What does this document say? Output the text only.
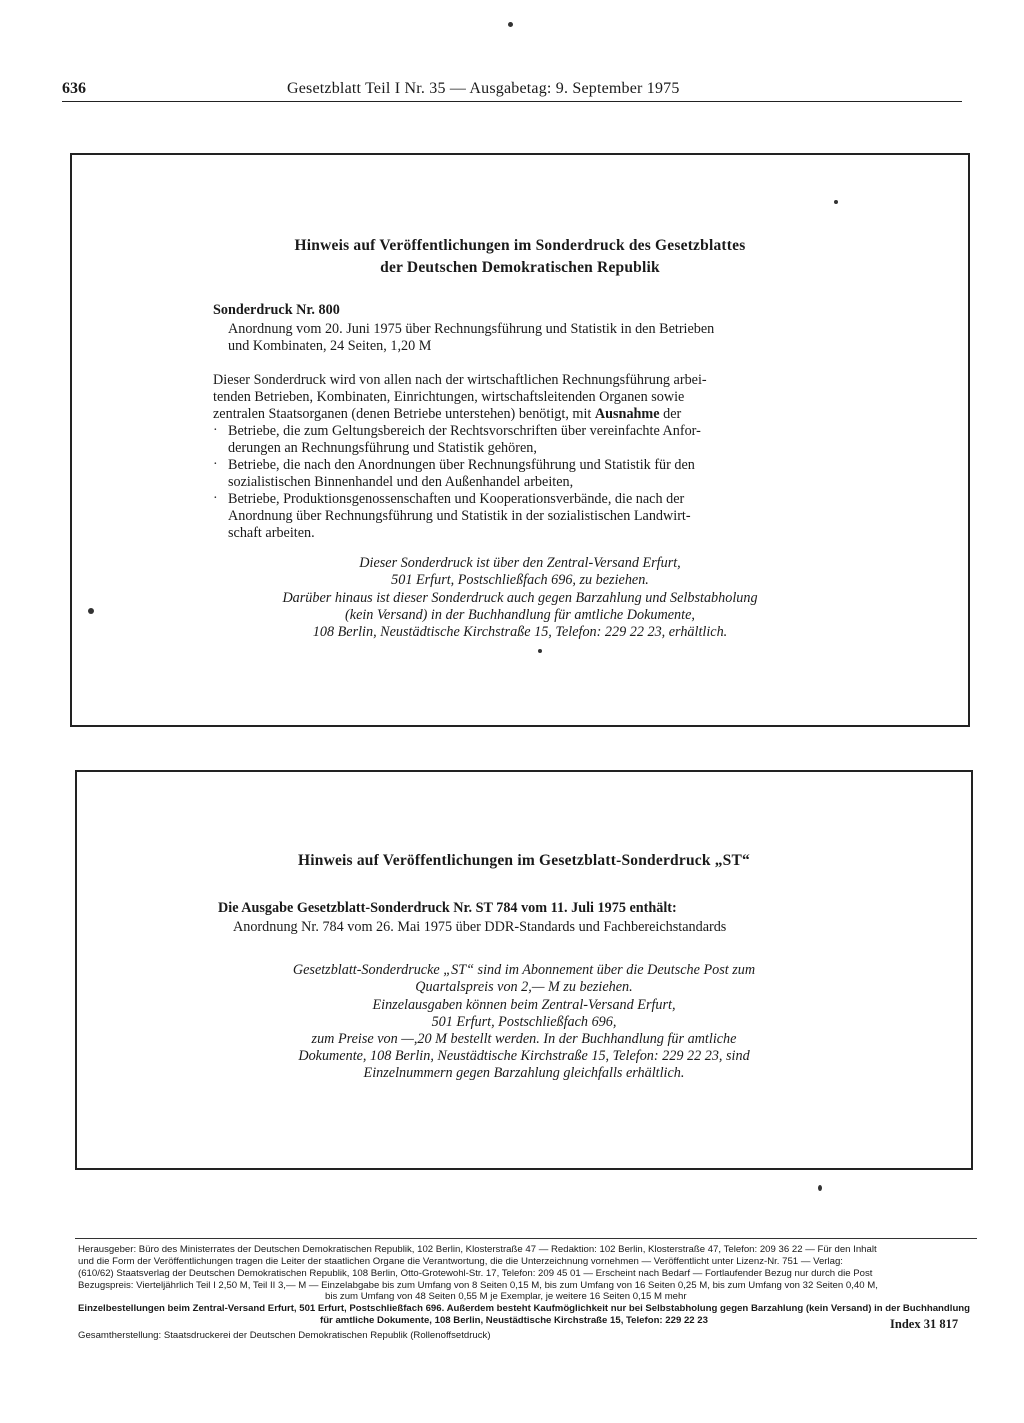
636	Gesetzblatt Teil I Nr. 35 — Ausgabetag: 9. September 1975
Hinweis auf Veröffentlichungen im Sonderdruck des Gesetzblattes
der Deutschen Demokratischen Republik
Sonderdruck Nr. 800
Anordnung vom 20. Juni 1975 über Rechnungsführung und Statistik in den Betrieben
und Kombinaten, 24 Seiten, 1,20 M
Dieser Sonderdruck wird von allen nach der wirtschaftlichen Rechnungsführung arbei-
tenden Betrieben, Kombinaten, Einrichtungen, wirtschaftsleitenden Organen sowie
zentralen Staatsorganen (denen Betriebe unterstehen) benötigt, mit Ausnahme der
· Betriebe, die zum Geltungsbereich der Rechtsvorschriften über vereinfachte Anfor-
derungen an Rechnungsführung und Statistik gehören,
· Betriebe, die nach den Anordnungen über Rechnungsführung und Statistik für den
sozialistischen Binnenhandel und den Außenhandel arbeiten,
· Betriebe, Produktionsgenossenschaften und Kooperationsverbände, die nach der
Anordnung über Rechnungsführung und Statistik in der sozialistischen Landwirt-
schaft arbeiten.
Dieser Sonderdruck ist über den Zentral-Versand Erfurt,
501 Erfurt, Postschließfach 696, zu beziehen.
Darüber hinaus ist dieser Sonderdruck auch gegen Barzahlung und Selbstabholung
(kein Versand) in der Buchhandlung für amtliche Dokumente,
108 Berlin, Neustädtische Kirchstraße 15, Telefon: 229 22 23, erhältlich.
Hinweis auf Veröffentlichungen im Gesetzblatt-Sonderdruck „ST“
Die Ausgabe Gesetzblatt-Sonderdruck Nr. ST 784 vom 11. Juli 1975 enthält:
Anordnung Nr. 784 vom 26. Mai 1975 über DDR-Standards und Fachbereichstandards
Gesetzblatt-Sonderdrucke „ST“ sind im Abonnement über die Deutsche Post zum
Quartalspreis von 2,— M zu beziehen.
Einzelausgaben können beim Zentral-Versand Erfurt,
501 Erfurt, Postschließfach 696,
zum Preise von —,20 M bestellt werden. In der Buchhandlung für amtliche
Dokumente, 108 Berlin, Neustädtische Kirchstraße 15, Telefon: 229 22 23, sind
Einzelnummern gegen Barzahlung gleichfalls erhältlich.
Herausgeber: Büro des Ministerrates der Deutschen Demokratischen Republik, 102 Berlin, Klosterstraße 47 — Redaktion: 102 Berlin, Klosterstraße 47, Telefon: 209 36 22 — Für den Inhalt
und die Form der Veröffentlichungen tragen die Leiter der staatlichen Organe die Verantwortung, die die Unterzeichnung vornehmen — Veröffentlicht unter Lizenz-Nr. 751 — Verlag:
(610/62) Staatsverlag der Deutschen Demokratischen Republik, 108 Berlin, Otto-Grotewohl-Str. 17, Telefon: 209 45 01 — Erscheint nach Bedarf — Fortlaufender Bezug nur durch die Post
Bezugspreis: Vierteljährlich Teil I 2,50 M, Teil II 3,— M — Einzelabgabe bis zum Umfang von 8 Seiten 0,15 M, bis zum Umfang von 16 Seiten 0,25 M, bis zum Umfang von 32 Seiten 0,40 M,
bis zum Umfang von 48 Seiten 0,55 M je Exemplar, je weitere 16 Seiten 0,15 M mehr
Einzelbestellungen beim Zentral-Versand Erfurt, 501 Erfurt, Postschließfach 696. Außerdem besteht Kaufmöglichkeit nur bei Selbstabholung gegen Barzahlung (kein Versand) in der Buchhandlung
für amtliche Dokumente, 108 Berlin, Neustädtische Kirchstraße 15, Telefon: 229 22 23
Gesamtherstellung: Staatsdruckerei der Deutschen Demokratischen Republik (Rollenoffsetdruck)
Index 31 817
